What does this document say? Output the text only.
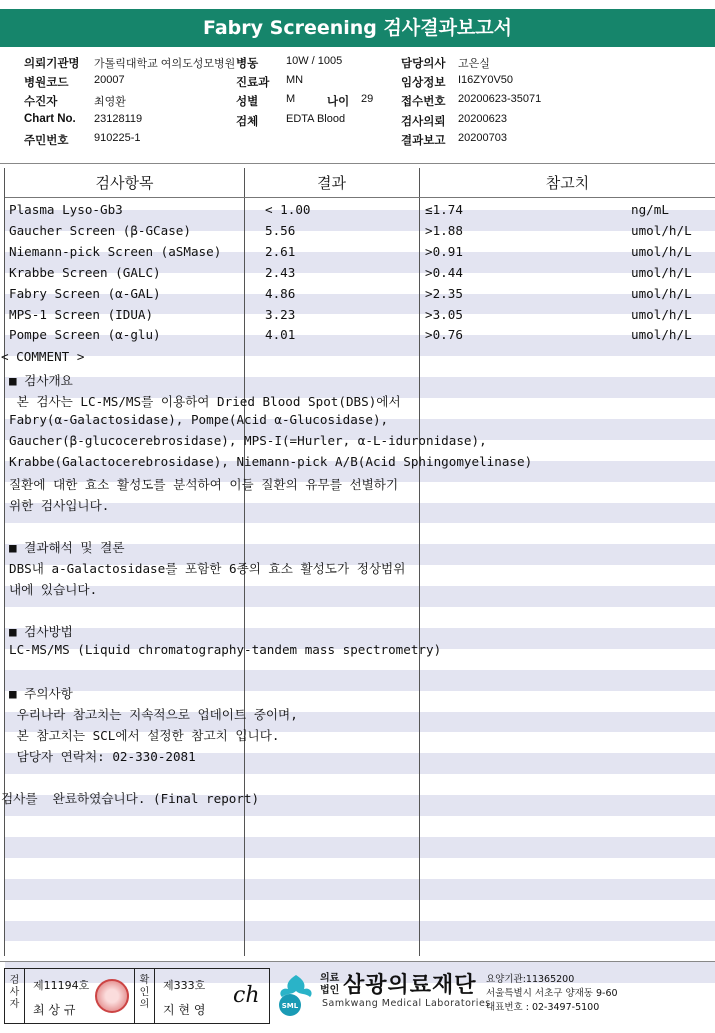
Fabry Screening 검사결과보고서
의뢰기관명 가톨릭대학교 여의도성모병원 병동	10W / 1005	담당의사 고은실
병원코드 20007	진료과 MN	임상정보 I16ZY0V50
수진자	최영환	성별	M	나이 29 접수번호 20200623-35071
Chart No. 23128119	검체	EDTA Blood	검사의뢰 20200623
주민번호 910225-1	결과보고 20200703
검사항목	결과	참고치
Plasma Lyso-Gb3	< 1.00	≤1.74	ng/mL
Gaucher Screen (β-GCase)	5.56	>1.88	umol/h/L
Niemann-pick Screen (aSMase)	2.61	>0.91	umol/h/L
Krabbe Screen (GALC)	2.43	>0.44	umol/h/L
Fabry Screen (α-GAL)	4.86	>2.35	umol/h/L
MPS-1 Screen (IDUA)	3.23	>3.05	umol/h/L
Pompe Screen (α-glu)	4.01	>0.76	umol/h/L
< COMMENT >
■ 검사개요
본 검사는 LC-MS/MS를 이용하여 Dried Blood Spot(DBS)에서
Fabry(α-Galactosidase), Pompe(Acid α-Glucosidase),
Gaucher(β-glucocerebrosidase), MPS-I(=Hurler, α-L-iduronidase),
Krabbe(Galactocerebrosidase), Niemann-pick A/B(Acid Sphingomyelinase)
질환에 대한 효소 활성도를 분석하여 이들 질환의 유무를 선별하기
위한 검사입니다.
■ 결과해석 및 결론
DBS내 a-Galactosidase를 포함한 6종의 효소 활성도가 정상범위
내에 있습니다.
■ 검사방법
LC-MS/MS (Liquid chromatography-tandem mass spectrometry)
■ 주의사항
우리나라 참고치는 지속적으로 업데이트 중이며,
본 참고치는 SCL에서 설정한 참고치 입니다.
담당자 연락처: 02-330-2081
검사를  완료하였습니다. (Final report)
검사자
제11194호
최 상 규
확인의
제333호
지 현 영
ch	SML
의료
법인 삼광의료재단
Samkwang Medical Laboratories
요양기관:11365200
서울특별시 서초구 양재동 9-60
대표번호 : 02-3497-5100
